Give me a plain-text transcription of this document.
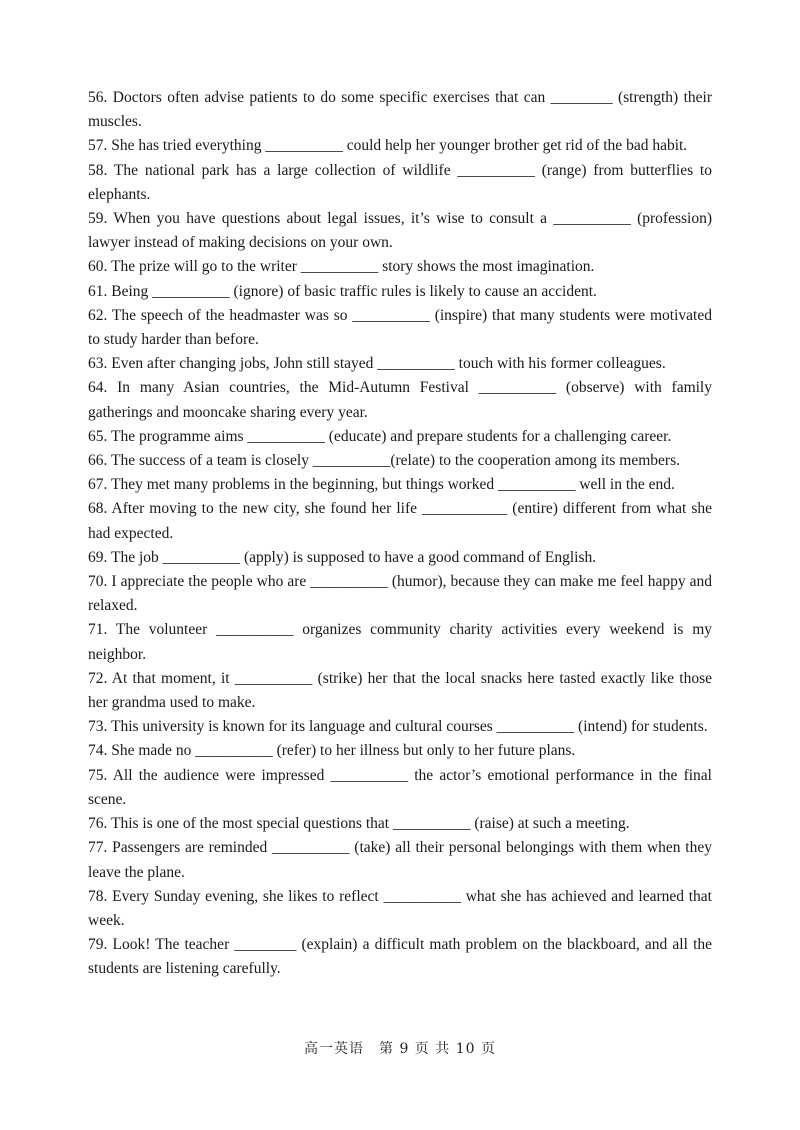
56. Doctors often advise patients to do some specific exercises that can ________ (strength) their muscles.

57. She has tried everything __________ could help her younger brother get rid of the bad habit.

58. The national park has a large collection of wildlife __________ (range) from butterflies to elephants.

59. When you have questions about legal issues, it’s wise to consult a __________ (profession) lawyer instead of making decisions on your own.

60. The prize will go to the writer __________ story shows the most imagination.

61. Being __________ (ignore) of basic traffic rules is likely to cause an accident.

62. The speech of the headmaster was so __________ (inspire) that many students were motivated to study harder than before.

63. Even after changing jobs, John still stayed __________ touch with his former colleagues.

64. In many Asian countries, the Mid-Autumn Festival __________ (observe) with family gatherings and mooncake sharing every year.

65. The programme aims __________ (educate) and prepare students for a challenging career.

66. The success of a team is closely __________(relate) to the cooperation among its members.

67. They met many problems in the beginning, but things worked __________ well in the end.

68. After moving to the new city, she found her life ___________ (entire) different from what she had expected.

69. The job __________ (apply) is supposed to have a good command of English.

70. I appreciate the people who are __________ (humor), because they can make me feel happy and relaxed.

71. The volunteer __________ organizes community charity activities every weekend is my neighbor.

72. At that moment, it __________ (strike) her that the local snacks here tasted exactly like those her grandma used to make.

73. This university is known for its language and cultural courses __________ (intend) for students.

74. She made no __________ (refer) to her illness but only to her future plans.

75. All the audience were impressed __________ the actor’s emotional performance in the final scene.

76. This is one of the most special questions that __________ (raise) at such a meeting.

77. Passengers are reminded __________ (take) all their personal belongings with them when they leave the plane.

78. Every Sunday evening, she likes to reflect __________ what she has achieved and learned that week.

79. Look! The teacher ________ (explain) a difficult math problem on the blackboard, and all the students are listening carefully.

高一英语　第 9 页 共 10 页
